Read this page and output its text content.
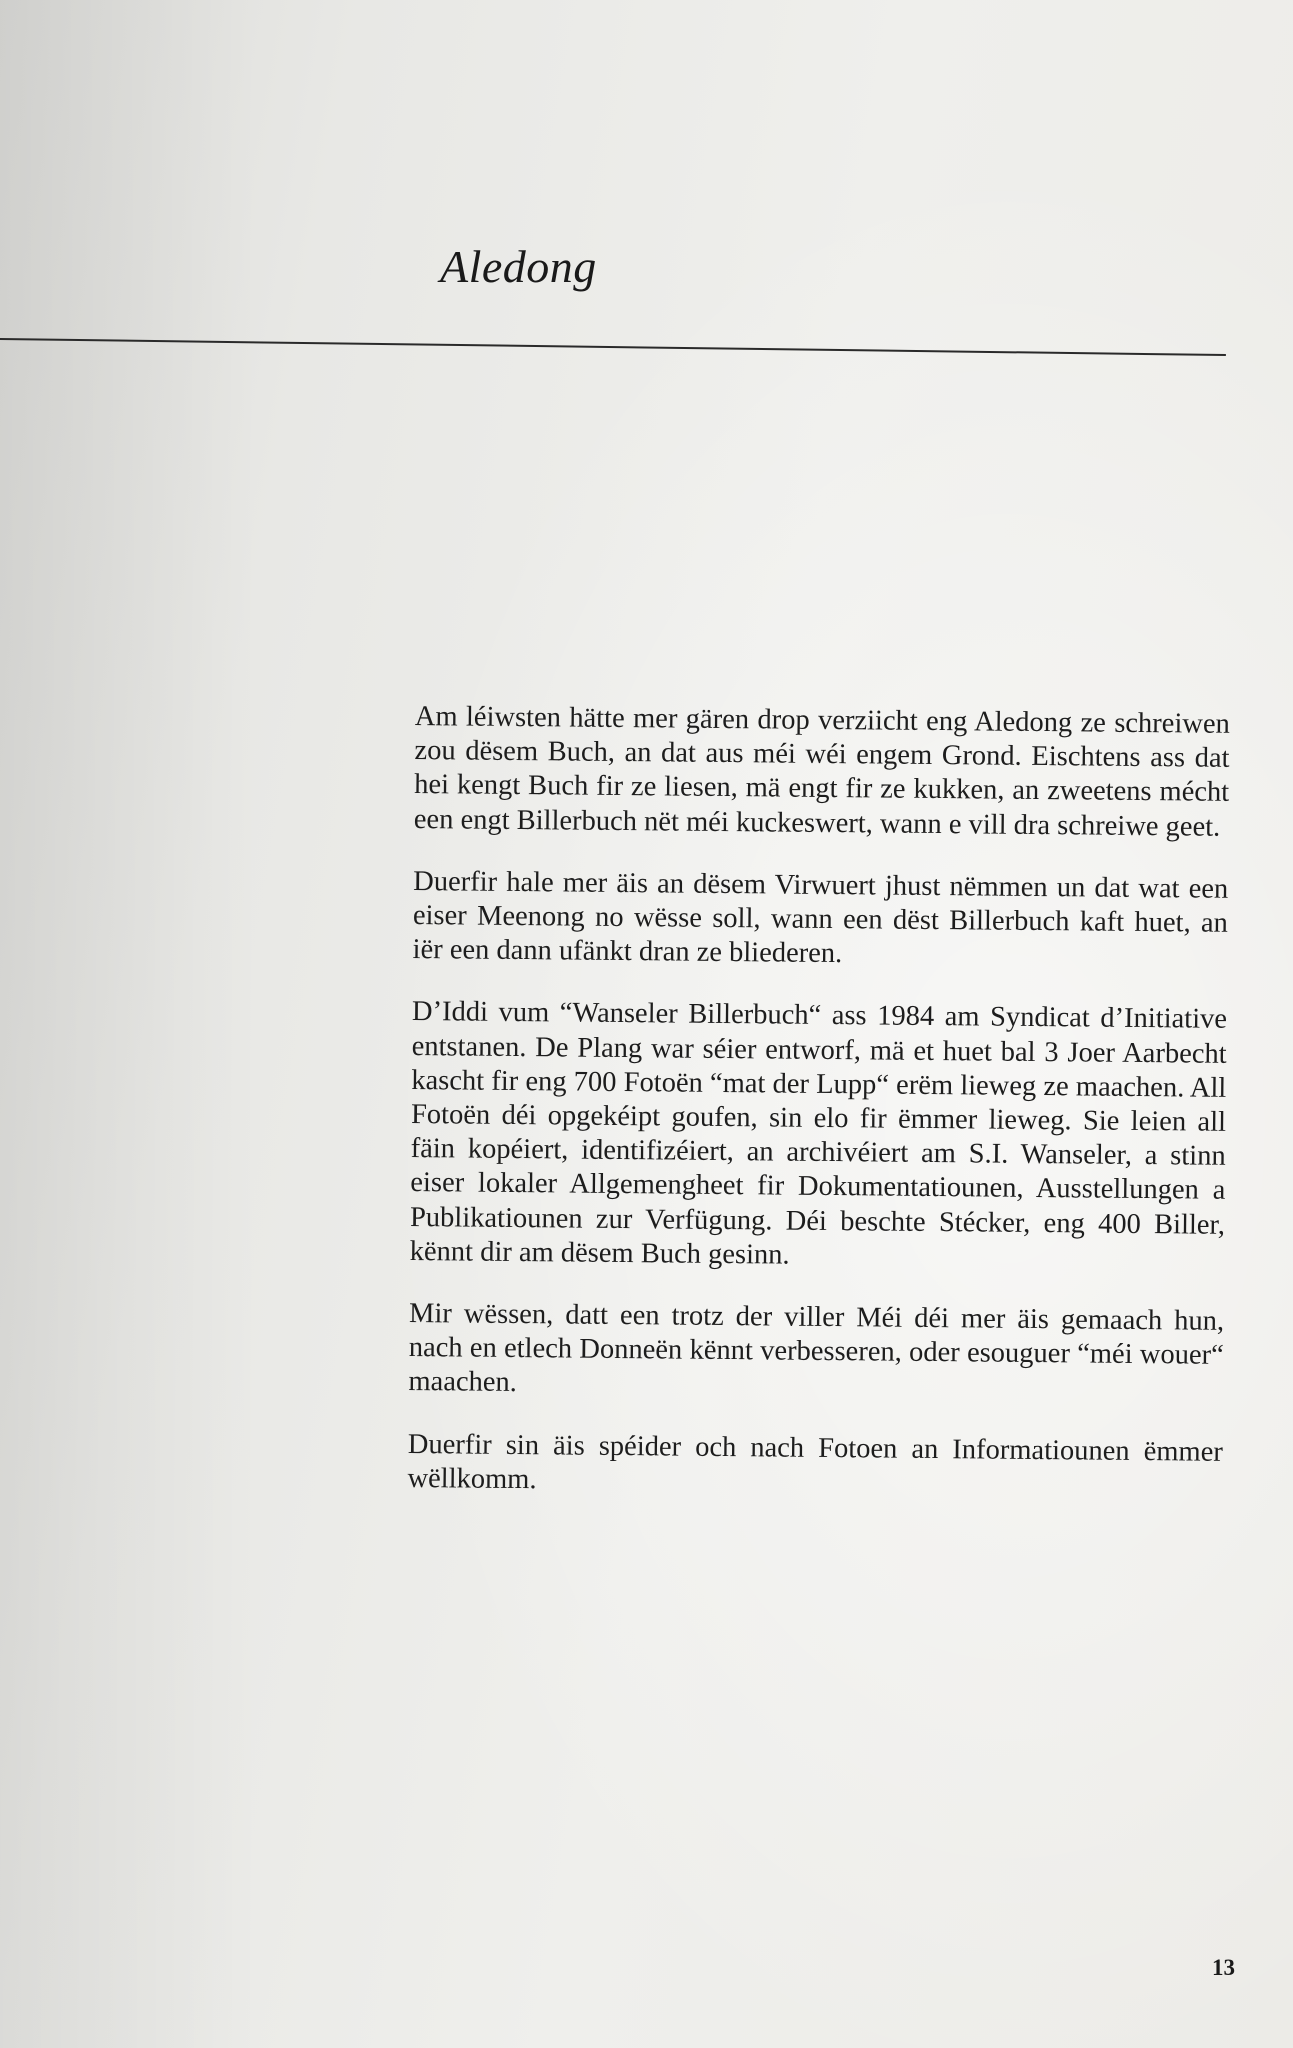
Aledong

Am léiwsten hätte mer gären drop verziicht eng Aledong ze schreiwen zou dësem Buch, an dat aus méi wéi engem Grond. Eischtens ass dat hei kengt Buch fir ze liesen, mä engt fir ze kukken, an zweetens mécht een engt Billerbuch nët méi kuckeswert, wann e vill dra schreiwe geet.

Duerfir hale mer äis an dësem Virwuert jhust nëmmen un dat wat een eiser Meenong no wësse soll, wann een dëst Billerbuch kaft huet, an iër een dann ufänkt dran ze bliederen.

D’Iddi vum “Wanseler Billerbuch“ ass 1984 am Syndicat d’Initiative entstanen. De Plang war séier entworf, mä et huet bal 3 Joer Aarbecht kascht fir eng 700 Fotoën “mat der Lupp“ erëm lieweg ze maachen. All Fotoën déi opgekéipt goufen, sin elo fir ëmmer lieweg. Sie leien all fäin kopéiert, identifizéiert, an archivéiert am S.I. Wanseler, a stinn eiser lokaler Allgemengheet fir Dokumentatiounen, Ausstellungen a Publikatiounen zur Verfügung. Déi beschte Stécker, eng 400 Biller, kënnt dir am dësem Buch gesinn.

Mir wëssen, datt een trotz der viller Méi déi mer äis gemaach hun, nach en etlech Donneën kënnt verbesseren, oder esouguer “méi wouer“ maachen.

Duerfir sin äis spéider och nach Fotoen an Informatiounen ëmmer wëllkomm.

13
